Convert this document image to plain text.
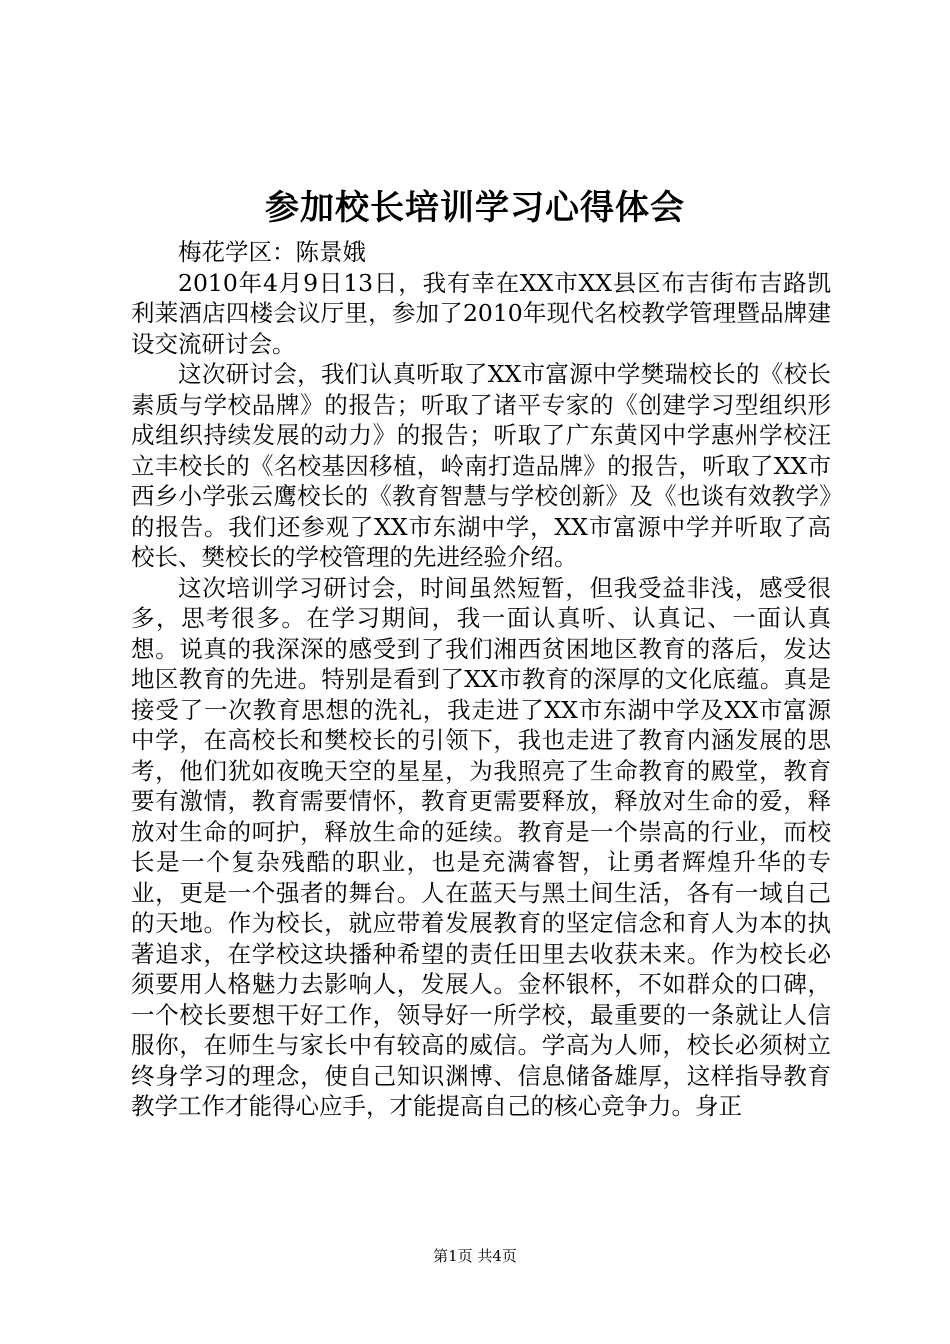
参加校长培训学习心得体会

梅花学区：陈景娥

2010年4月9日13日，我有幸在XX市XX县区布吉街布吉路凯利莱酒店四楼会议厅里，参加了2010年现代名校教学管理暨品牌建设交流研讨会。

这次研讨会，我们认真听取了XX市富源中学樊瑞校长的《校长素质与学校品牌》的报告；听取了诸平专家的《创建学习型组织形成组织持续发展的动力》的报告；听取了广东黄冈中学惠州学校汪立丰校长的《名校基因移植，岭南打造品牌》的报告，听取了XX市西乡小学张云鹰校长的《教育智慧与学校创新》及《也谈有效教学》的报告。我们还参观了XX市东湖中学，XX市富源中学并听取了高校长、樊校长的学校管理的先进经验介绍。

这次培训学习研讨会，时间虽然短暂，但我受益非浅，感受很多，思考很多。在学习期间，我一面认真听、认真记、一面认真想。说真的我深深的感受到了我们湘西贫困地区教育的落后，发达地区教育的先进。特别是看到了XX市教育的深厚的文化底蕴。真是接受了一次教育思想的洗礼，我走进了XX市东湖中学及XX市富源中学，在高校长和樊校长的引领下，我也走进了教育内涵发展的思考，他们犹如夜晚天空的星星，为我照亮了生命教育的殿堂，教育要有激情，教育需要情怀，教育更需要释放，释放对生命的爱，释放对生命的呵护，释放生命的延续。教育是一个崇高的行业，而校长是一个复杂残酷的职业，也是充满睿智，让勇者辉煌升华的专业，更是一个强者的舞台。人在蓝天与黑土间生活，各有一域自己的天地。作为校长，就应带着发展教育的坚定信念和育人为本的执著追求，在学校这块播种希望的责任田里去收获未来。作为校长必须要用人格魅力去影响人，发展人。金杯银杯，不如群众的口碑，一个校长要想干好工作，领导好一所学校，最重要的一条就让人信服你，在师生与家长中有较高的威信。学高为人师，校长必须树立终身学习的理念，使自己知识渊博、信息储备雄厚，这样指导教育教学工作才能得心应手，才能提高自己的核心竞争力。身正

第1页 共4页
